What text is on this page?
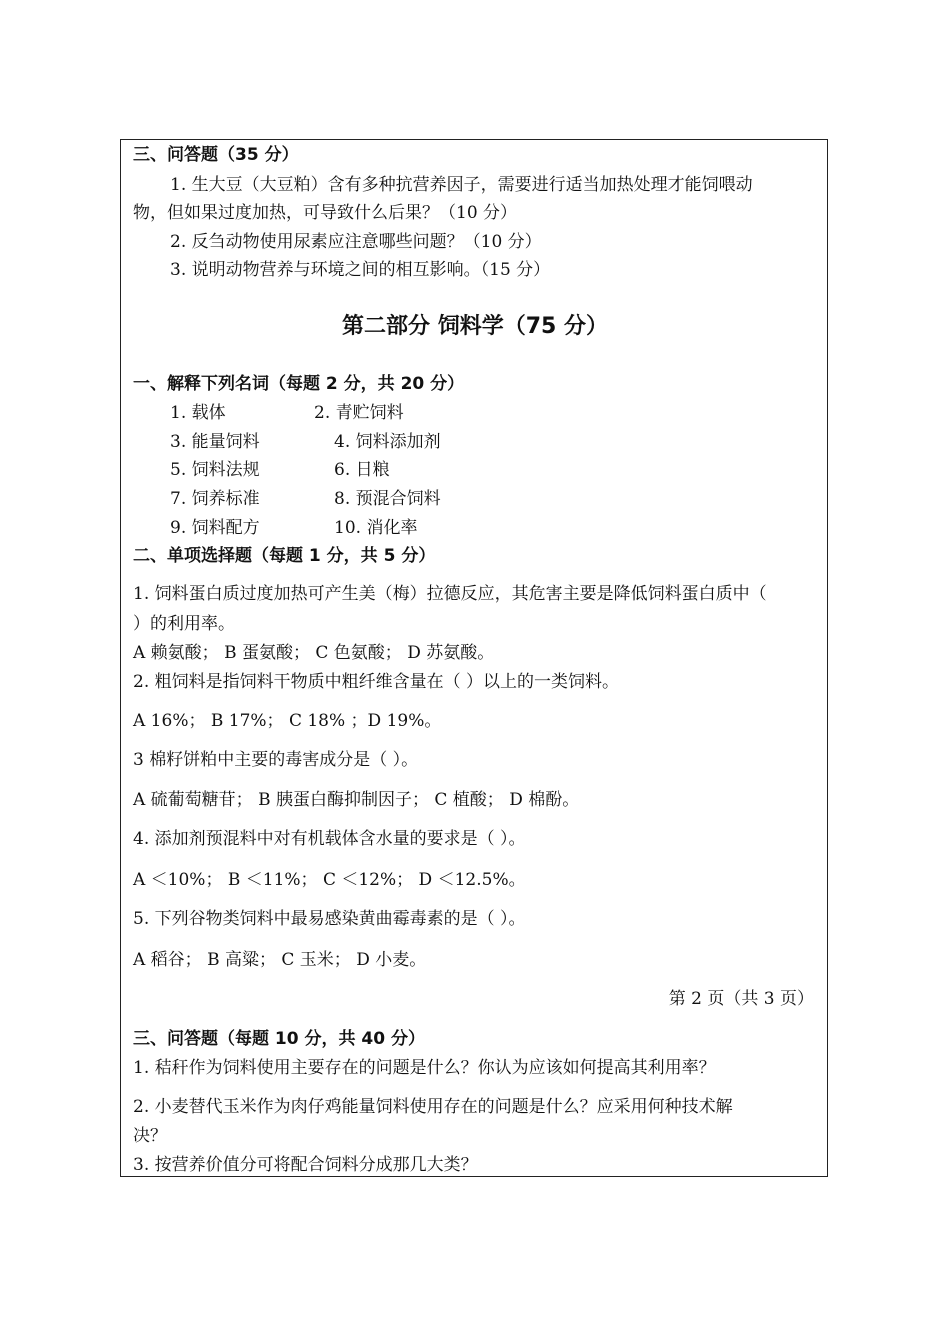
三、问答题（35 分）
1. 生大豆（大豆粕）含有多种抗营养因子，需要进行适当加热处理才能饲喂动
物，但如果过度加热，可导致什么后果？（10 分）
2. 反刍动物使用尿素应注意哪些问题？（10 分）
3. 说明动物营养与环境之间的相互影响。（15 分）
第二部分 饲料学（75 分）
一、解释下列名词（每题 2 分，共 20 分）
1. 载体	2. 青贮饲料
3. 能量饲料	4. 饲料添加剂
5. 饲料法规	6. 日粮
7. 饲养标准	8. 预混合饲料
9. 饲料配方	10. 消化率
二、单项选择题（每题 1 分，共 5 分）
1. 饲料蛋白质过度加热可产生美（梅）拉德反应，其危害主要是降低饲料蛋白质中（
）的利用率。
A 赖氨酸； B 蛋氨酸； C 色氨酸； D 苏氨酸。
2. 粗饲料是指饲料干物质中粗纤维含量在（ ）以上的一类饲料。
A 16%； B 17%； C 18% ；D 19%。
3 棉籽饼粕中主要的毒害成分是（ ）。
A 硫葡萄糖苷； B 胰蛋白酶抑制因子； C 植酸； D 棉酚。
4. 添加剂预混料中对有机载体含水量的要求是（ ）。
A ＜10%； B ＜11%； C ＜12%； D ＜12.5%。
5. 下列谷物类饲料中最易感染黄曲霉毒素的是（ ）。
A 稻谷； B 高粱； C 玉米； D 小麦。
第 2 页（共 3 页）
三、问答题（每题 10 分，共 40 分）
1. 秸秆作为饲料使用主要存在的问题是什么？你认为应该如何提高其利用率？
2. 小麦替代玉米作为肉仔鸡能量饲料使用存在的问题是什么？应采用何种技术解
决？
3. 按营养价值分可将配合饲料分成那几大类？
